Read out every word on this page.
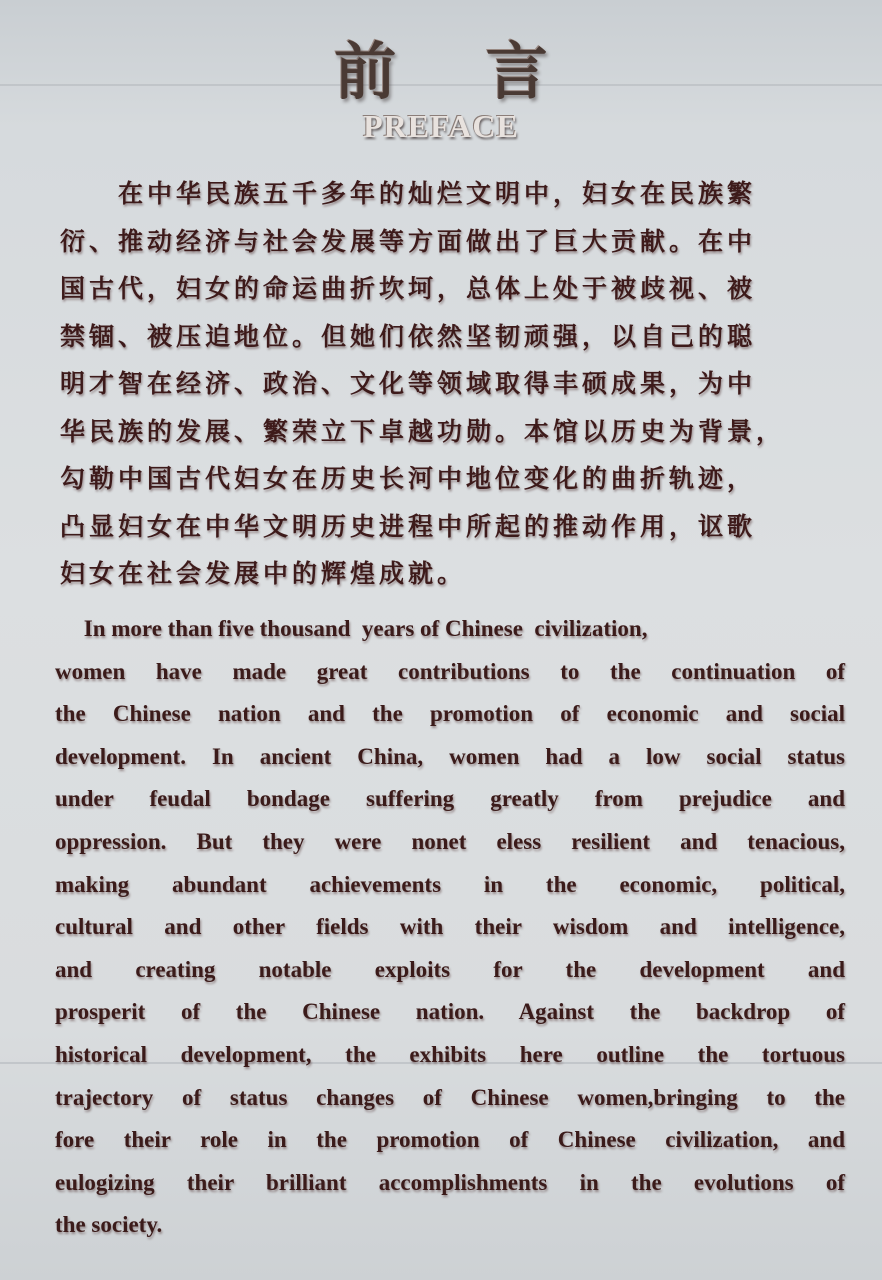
前 言
PREFACE
　　在中华民族五千多年的灿烂文明中，妇女在民族繁
衍、推动经济与社会发展等方面做出了巨大贡献。在中
国古代，妇女的命运曲折坎坷，总体上处于被歧视、被
禁锢、被压迫地位。但她们依然坚韧顽强，以自己的聪
明才智在经济、政治、文化等领域取得丰硕成果，为中
华民族的发展、繁荣立下卓越功勋。本馆以历史为背景，
勾勒中国古代妇女在历史长河中地位变化的曲折轨迹，
凸显妇女在中华文明历史进程中所起的推动作用，讴歌
妇女在社会发展中的辉煌成就。
In more than five thousand  years of Chinese  civilization,
women have made great contributions to the continuation of
the Chinese nation and the promotion of economic and social
development. In ancient China, women had a low social status
under feudal bondage suffering greatly from prejudice and
oppression. But they were nonet eless resilient and tenacious,
making abundant achievements in the economic, political,
cultural and other fields with their wisdom and intelligence,
and creating notable exploits for the development and
prosperit of the Chinese nation. Against the backdrop of
historical development, the exhibits here outline the tortuous
trajectory of status changes of Chinese women,bringing to the
fore their role in the promotion of Chinese civilization, and
eulogizing their brilliant accomplishments in the evolutions of
the society.
